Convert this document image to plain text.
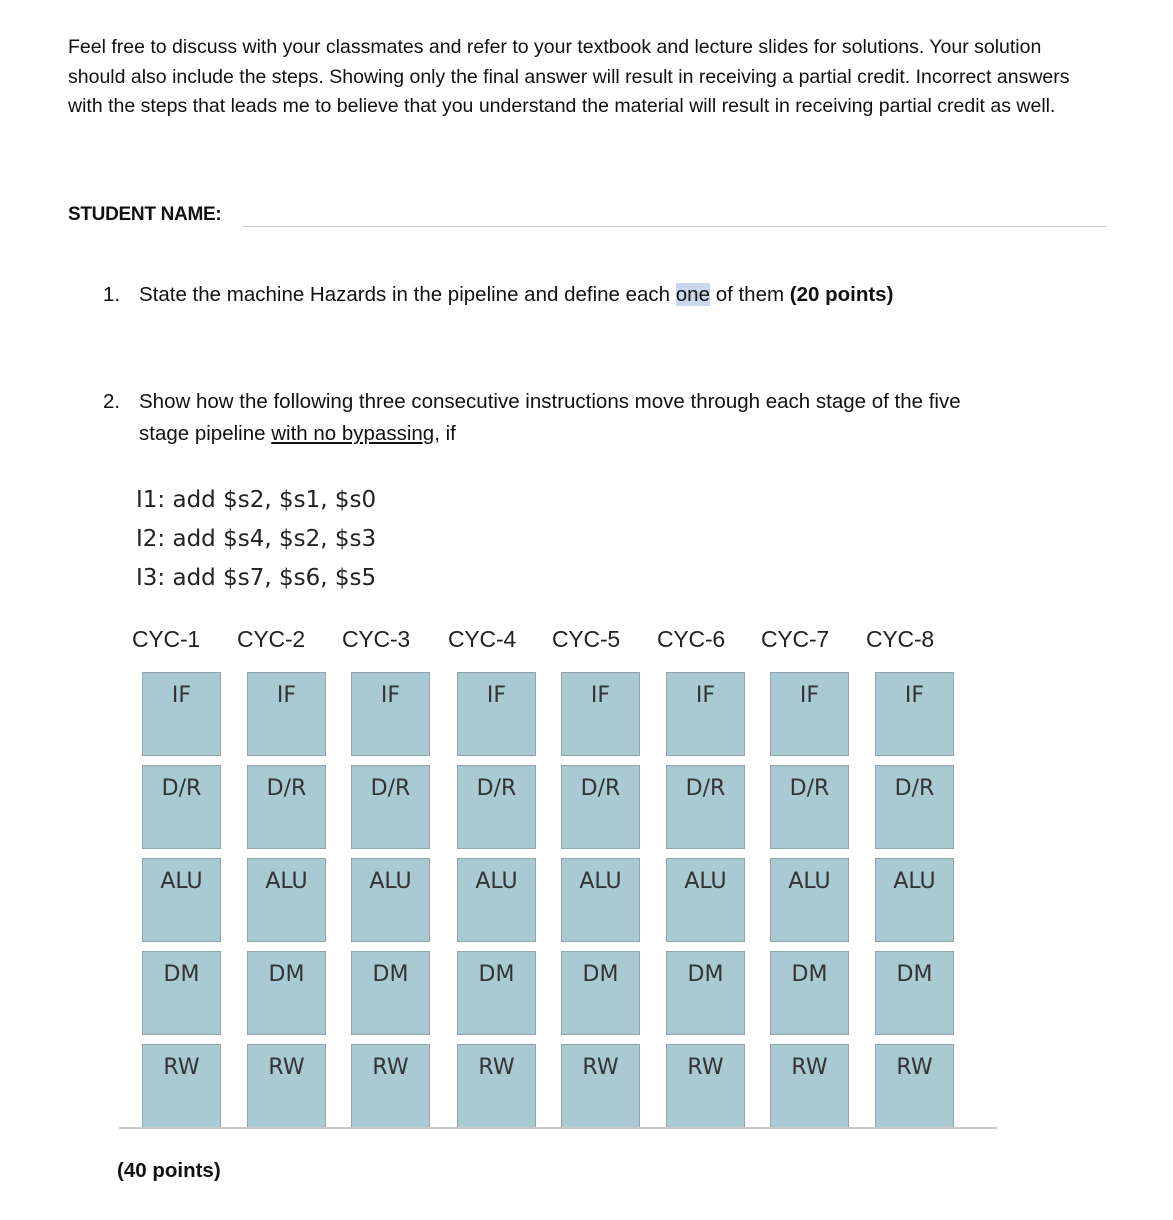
Feel free to discuss with your classmates and refer to your textbook and lecture slides for solutions. Your solution should also include the steps. Showing only the final answer will result in receiving a partial credit. Incorrect answers with the steps that leads me to believe that you understand the material will result in receiving partial credit as well.

STUDENT NAME:
1. State the machine Hazards in the pipeline and define each one of them (20 points)
2. Show how the following three consecutive instructions move through each stage of the five
stage pipeline with no bypassing, if
I1: add $s2, $s1, $s0
I2: add $s4, $s2, $s3
I3: add $s7, $s6, $s5
CYC-1 CYC-2 CYC-3 CYC-4 CYC-5 CYC-6 CYC-7 CYC-8
IF	IF	IF	IF	IF	IF	IF	IF
D/R	D/R	D/R	D/R	D/R	D/R	D/R	D/R
ALU	ALU	ALU	ALU	ALU	ALU	ALU	ALU
DM	DM	DM	DM	DM	DM	DM	DM
RW	RW	RW	RW	RW	RW	RW	RW
(40 points)
